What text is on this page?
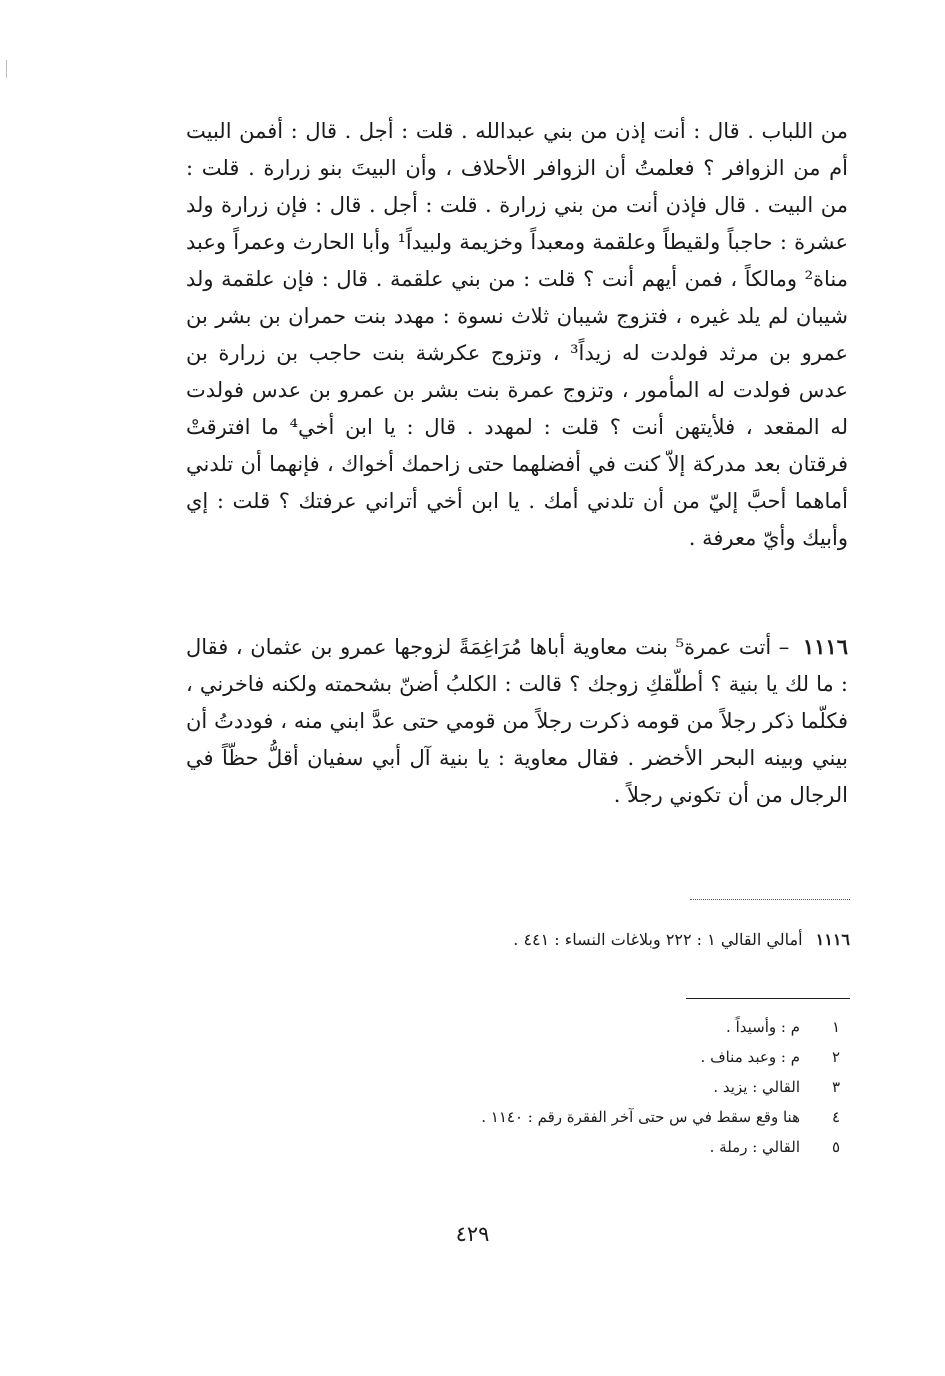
من اللباب . قال : أنت إذن من بني عبدالله . قلت : أجل . قال : أفمن البيت أم من الزوافر ؟ فعلمتُ أن الزوافر الأحلاف ، وأن البيتَ بنو زرارة . قلت : من البيت . قال فإذن أنت من بني زرارة . قلت : أجل . قال : فإن زرارة ولد عشرة : حاجباً ولقيطاً وعلقمة ومعبداً وخزيمة ولبيداً¹ وأبا الحارث وعمراً وعبد مناة² ومالكاً ، فمن أيهم أنت ؟ قلت : من بني علقمة . قال : فإن علقمة ولد شيبان لم يلد غيره ، فتزوج شيبان ثلاث نسوة : مهدد بنت حمران بن بشر بن عمرو بن مرثد فولدت له زيداً³ ، وتزوج عكرشة بنت حاجب بن زرارة بن عدس فولدت له المأمور ، وتزوج عمرة بنت بشر بن عمرو بن عدس فولدت له المقعد ، فلأيتهن أنت ؟ قلت : لمهدد . قال : يا ابن أخي⁴ ما افترقتْ فرقتان بعد مدركة إلاّ كنت في أفضلهما حتى زاحمك أخواك ، فإنهما أن تلدني أماهما أحبَّ إليّ من أن تلدني أمك . يا ابن أخي أتراني عرفتك ؟ قلت : إي وأبيك وأيّ معرفة .

١١١٦ – أتت عمرة⁵ بنت معاوية أباها مُرَاغِمَةً لزوجها عمرو بن عثمان ، فقال : ما لك يا بنية ؟ أطلّقكِ زوجك ؟ قالت : الكلبُ أضنّ بشحمته ولكنه فاخرني ، فكلّما ذكر رجلاً من قومه ذكرت رجلاً من قومي حتى عدَّ ابني منه ، فوددتُ أن بيني وبينه البحر الأخضر . فقال معاوية : يا بنية آل أبي سفيان أقلُّ حظّاً في الرجال من أن تكوني رجلاً .

١١١٦ أمالي القالي ١ : ٢٢٢ وبلاغات النساء : ٤٤١ .
١
م : وأسيداً .
٢
م : وعبد مناف .
٣
القالي : يزيد .
٤
هنا وقع سقط في س حتى آخر الفقرة رقم : ١١٤٠ .
٥
القالي : رملة .
٤٢٩
